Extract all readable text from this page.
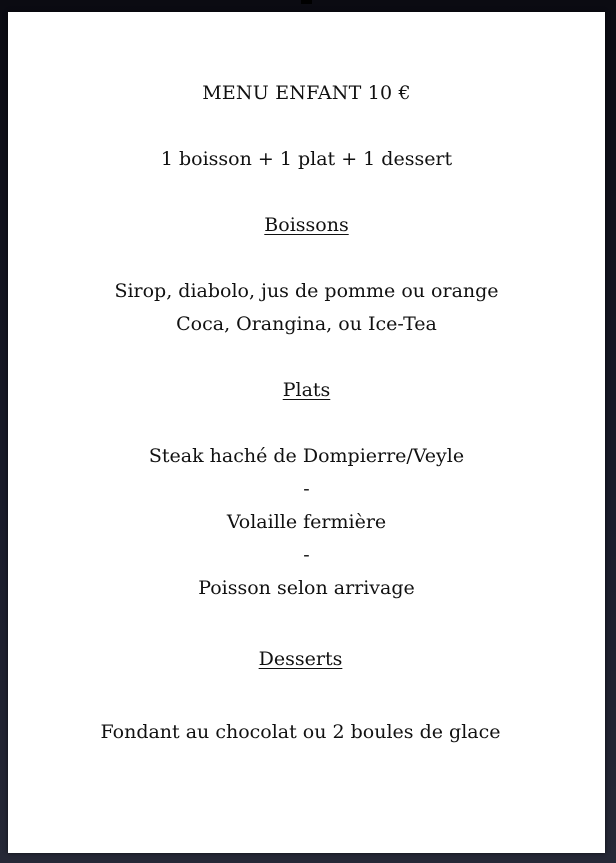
MENU ENFANT 10 €
1 boisson + 1 plat + 1 dessert
Boissons
Sirop, diabolo, jus de pomme ou orange
Coca, Orangina, ou Ice-Tea
Plats
Steak haché de Dompierre/Veyle
-
Volaille fermière
-
Poisson selon arrivage
Desserts
Fondant au chocolat ou 2 boules de glace
